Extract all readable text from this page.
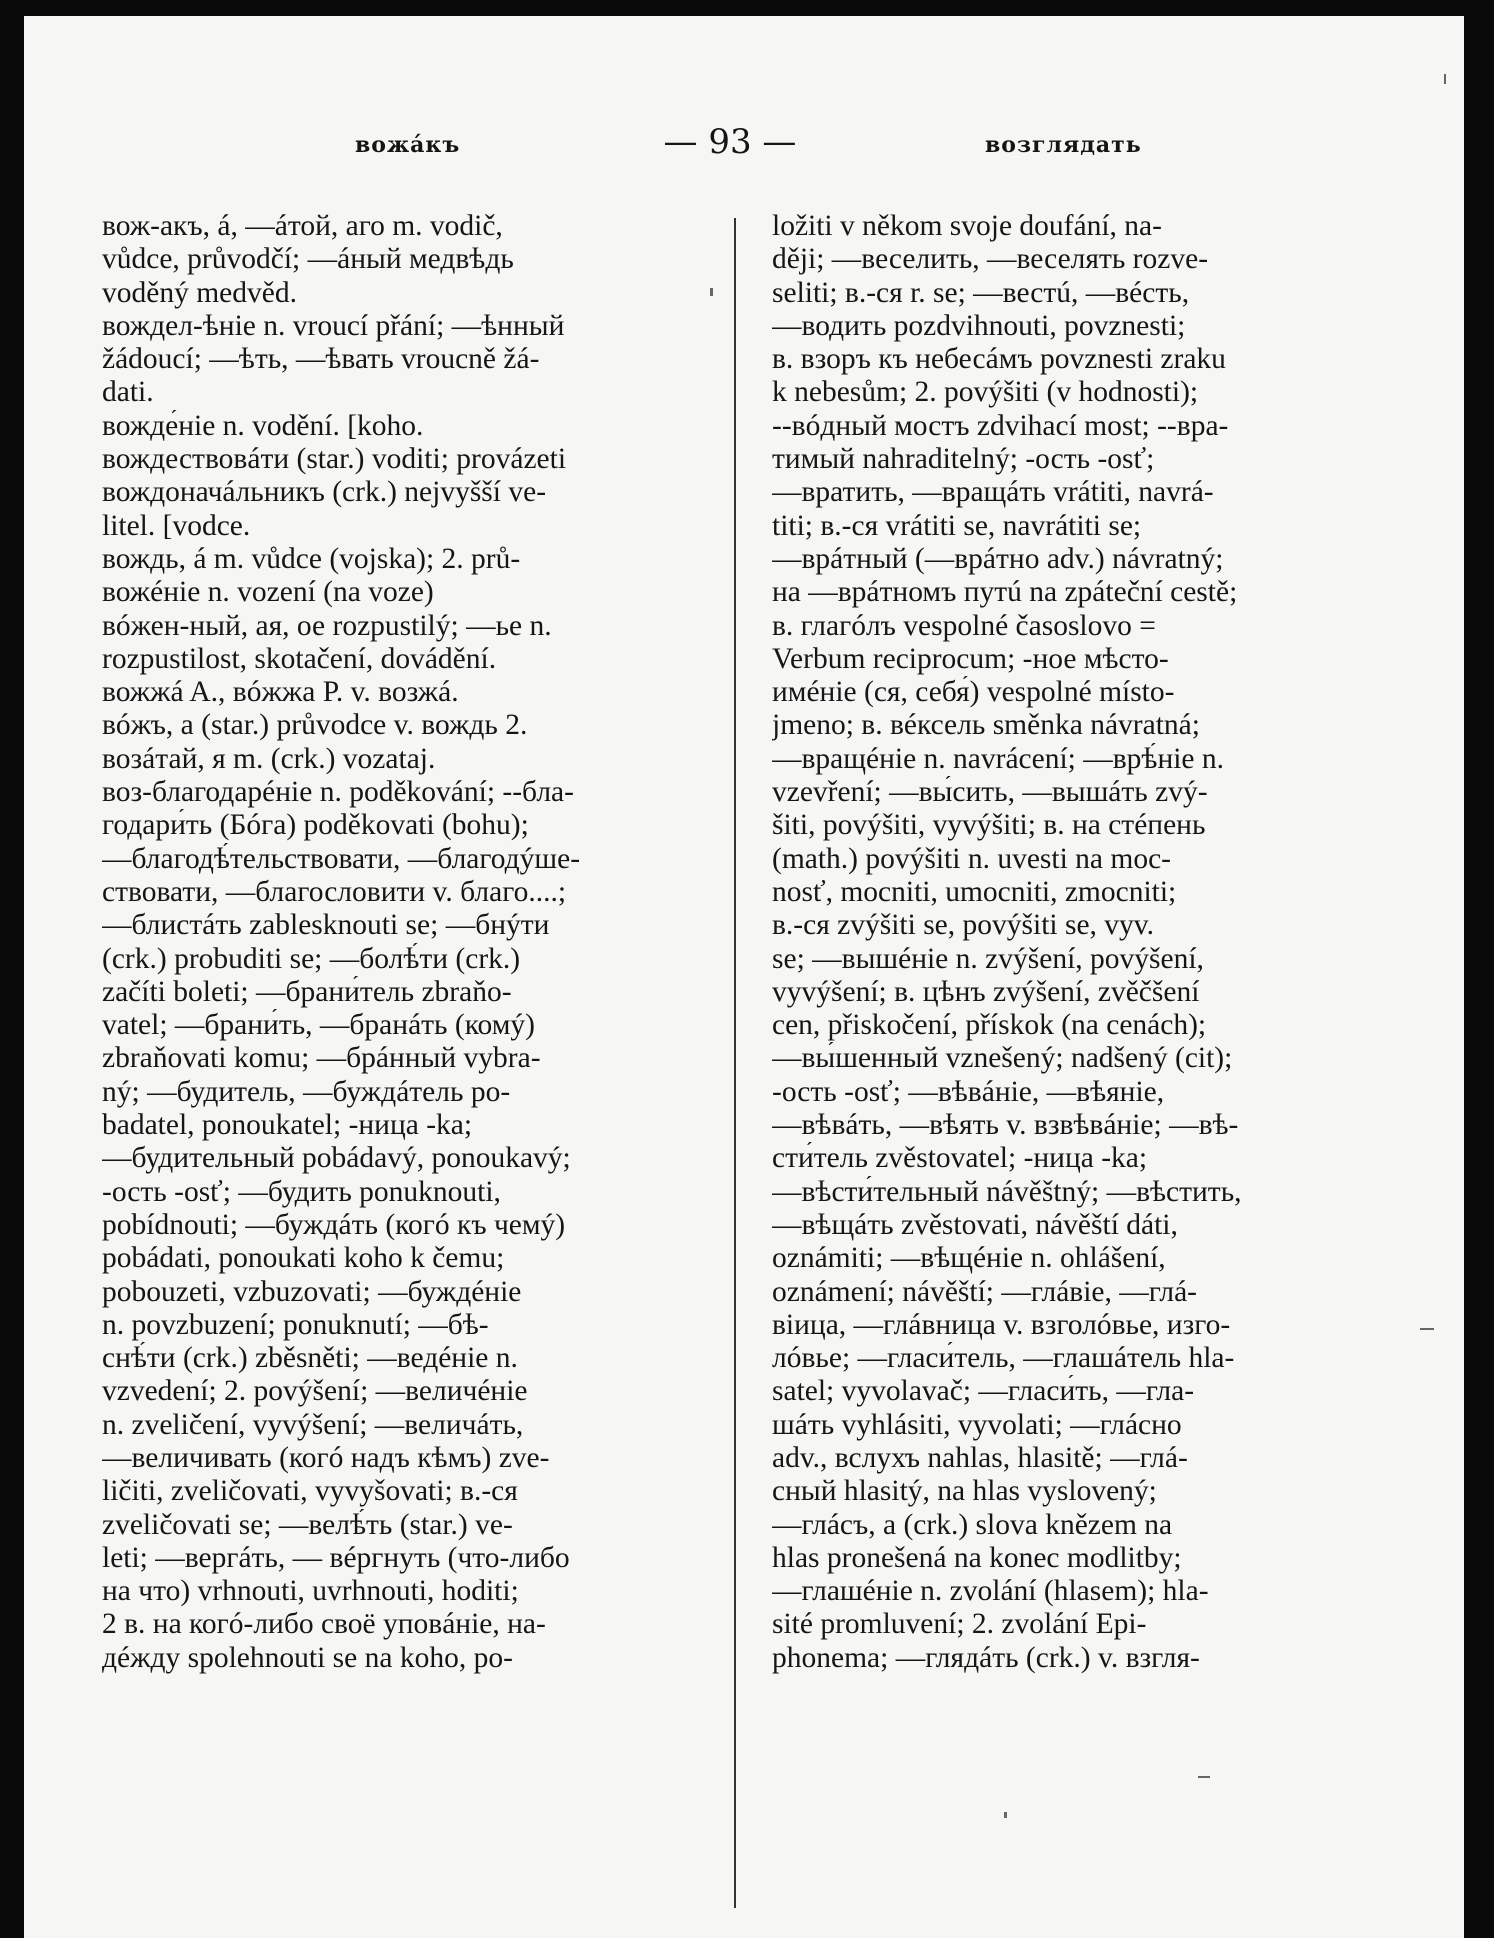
вожа́къ	— 93 —	возглядать
вож-акъ, á, —áтой, аго m. vodič,
vůdce, průvodčí; —áный медвѣдь
voděný medvěd.
вождел-ѣніе n. vroucí přání; —ѣнный
žádoucí; —ѣть, —ѣвать vroucně žá-
dati.
вожде́ніе n. vodění. [koho.
вождествовáти (star.) voditi; provázeti
вождоначáльникъ (crk.) nejvyšší ve-
litel. [vodce.
вождь, á m. vůdce (vojska); 2. prů-
вожéніе n. vození (na voze)
вóжен-ный, ая, ое rozpustilý; —ье n.
rozpustilost, skotačení, dovádění.
вожжá A., вóжжа P. v. возжá.
вóжъ, а (star.) průvodce v. вождь 2.
возáтай, я m. (crk.) vozataj.
воз-благодарéніе n. poděkování; --бла-
годари́ть (Бóга) poděkovati (bohu);
—благодѣ́тельствовати, —благодýше-
ствовати, —благословити v. благо....;
—блистáть zablesknouti se; —бнýти
(crk.) probuditi se; —болѣ́ти (crk.)
začíti boleti; —брани́тель zbraňo-
vatel; —брани́ть, —бранáть (комý)
zbraňovati komu; —брáнный vybra-
ný; —будитель, —буждáтель po-
badatel, ponoukatel; -ница -ka;
—будительный pobádavý, ponoukavý;
-ость -osť; —будить ponuknouti,
pobídnouti; —буждáть (когó къ чемý)
pobádati, ponoukati koho k čemu;
pobouzeti, vzbuzovati; —буждéніе
n. povzbuzení; ponuknutí; —бѣ-
снѣ́ти (crk.) zběsněti; —ведéніе n.
vzvedení; 2. povýšení; —величéніе
n. zveličení, vyvýšení; —величáть,
—величивать (когó надъ кѣмъ) zve-
ličiti, zveličovati, vyvyšovati; в.-ся
zveličovati se; —велѣ́ть (star.) ve-
leti; —вергáть, — вéргнуть (что-либо
на что) vrhnouti, uvrhnouti, hoditi;
2 в. на когó-либо своё уповáніе, на-
дéжду spolehnouti se na koho, po-
ložiti v někom svoje doufání, na-
ději; —веселить, —веселять rozve-
seliti; в.-ся r. se; —вестú, —вéсть,
—водить pozdvihnouti, povznesti;
в. взоръ къ небесáмъ povznesti zraku
k nebesům; 2. povýšiti (v hodnosti);
--вóдный мостъ zdvihací most; --вра-
тимый nahraditelný; -ость -osť;
—вратить, —вращáть vrátiti, navrá-
titi; в.-ся vrátiti se, navrátiti se;
—врáтный (—врáтно adv.) návratný;
на —врáтномъ путú na zpáteční cestě;
в. глагóлъ vespolné časoslovo =
Verbum reciprocum; -ное мѣсто-
имéніе (ся, себя́) vespolné místo-
jmeno; в. вéксель směnka návratná;
—вращéніе n. navrácení; —врѣ́ніе n.
vzevření; —вы́сить, —вышáть zvý-
šiti, povýšiti, vyvýšiti; в. на стéпень
(math.) povýšiti n. uvesti na moc-
nosť, mocniti, umocniti, zmocniti;
в.-ся zvýšiti se, povýšiti se, vyv.
se; —вышéніе n. zvýšení, povýšení,
vyvýšení; в. цѣнъ zvýšení, zvěčšení
cen, přiskočení, přískok (na cenách);
—вы́шенный vznešený; nadšený (cit);
-ость -osť; —вѣвáніе, —вѣяніе,
—вѣвáть, —вѣять v. взвѣвáніе; —вѣ-
сти́тель zvěstovatel; -ница -ka;
—вѣсти́тельный návěštný; —вѣстить,
—вѣщáть zvěstovati, návěští dáti,
oznámiti; —вѣщéніе n. ohlášení,
oznámení; návěští; —глáвіе, —глá-
віица, —глáвница v. взголóвье, изго-
лóвье; —гласи́тель, —глашáтель hla-
satel; vyvolavač; —гласи́ть, —гла-
шáть vyhlásiti, vyvolati; —глáсно
adv., вслухъ nahlas, hlasitě; —глá-
сный hlasitý, na hlas vyslovený;
—глáсъ, а (crk.) slova knězem na
hlas pronešená na konec modlitby;
—глашéніе n. zvolání (hlasem); hla-
sité promluvení; 2. zvolání Epi-
phonema; —глядáть (crk.) v. взгля-
